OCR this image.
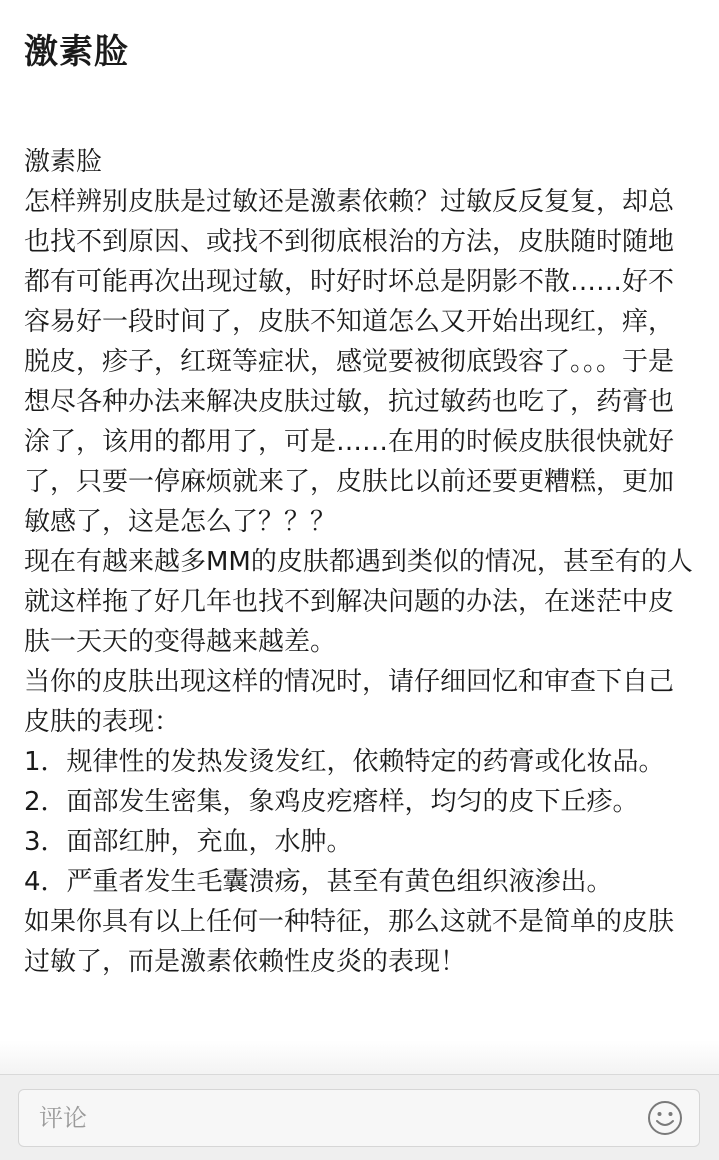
激素脸

激素脸

怎样辨别皮肤是过敏还是激素依赖？过敏反反复复，却总也找不到原因、或找不到彻底根治的方法，皮肤随时随地都有可能再次出现过敏，时好时坏总是阴影不散……好不容易好一段时间了，皮肤不知道怎么又开始出现红，痒，脱皮，疹子，红斑等症状，感觉要被彻底毁容了。。。于是想尽各种办法来解决皮肤过敏，抗过敏药也吃了，药膏也涂了，该用的都用了，可是……在用的时候皮肤很快就好了，只要一停麻烦就来了，皮肤比以前还要更糟糕，更加敏感了，这是怎么了？？？

现在有越来越多MM的皮肤都遇到类似的情况，甚至有的人就这样拖了好几年也找不到解决问题的办法，在迷茫中皮肤一天天的变得越来越差。

当你的皮肤出现这样的情况时，请仔细回忆和审查下自己皮肤的表现：

1．规律性的发热发烫发红，依赖特定的药膏或化妆品。

2．面部发生密集，象鸡皮疙瘩样，均匀的皮下丘疹。

3．面部红肿，充血，水肿。

4．严重者发生毛囊溃疡，甚至有黄色组织液渗出。

如果你具有以上任何一种特征，那么这就不是简单的皮肤过敏了，而是激素依赖性皮炎的表现！

评论
